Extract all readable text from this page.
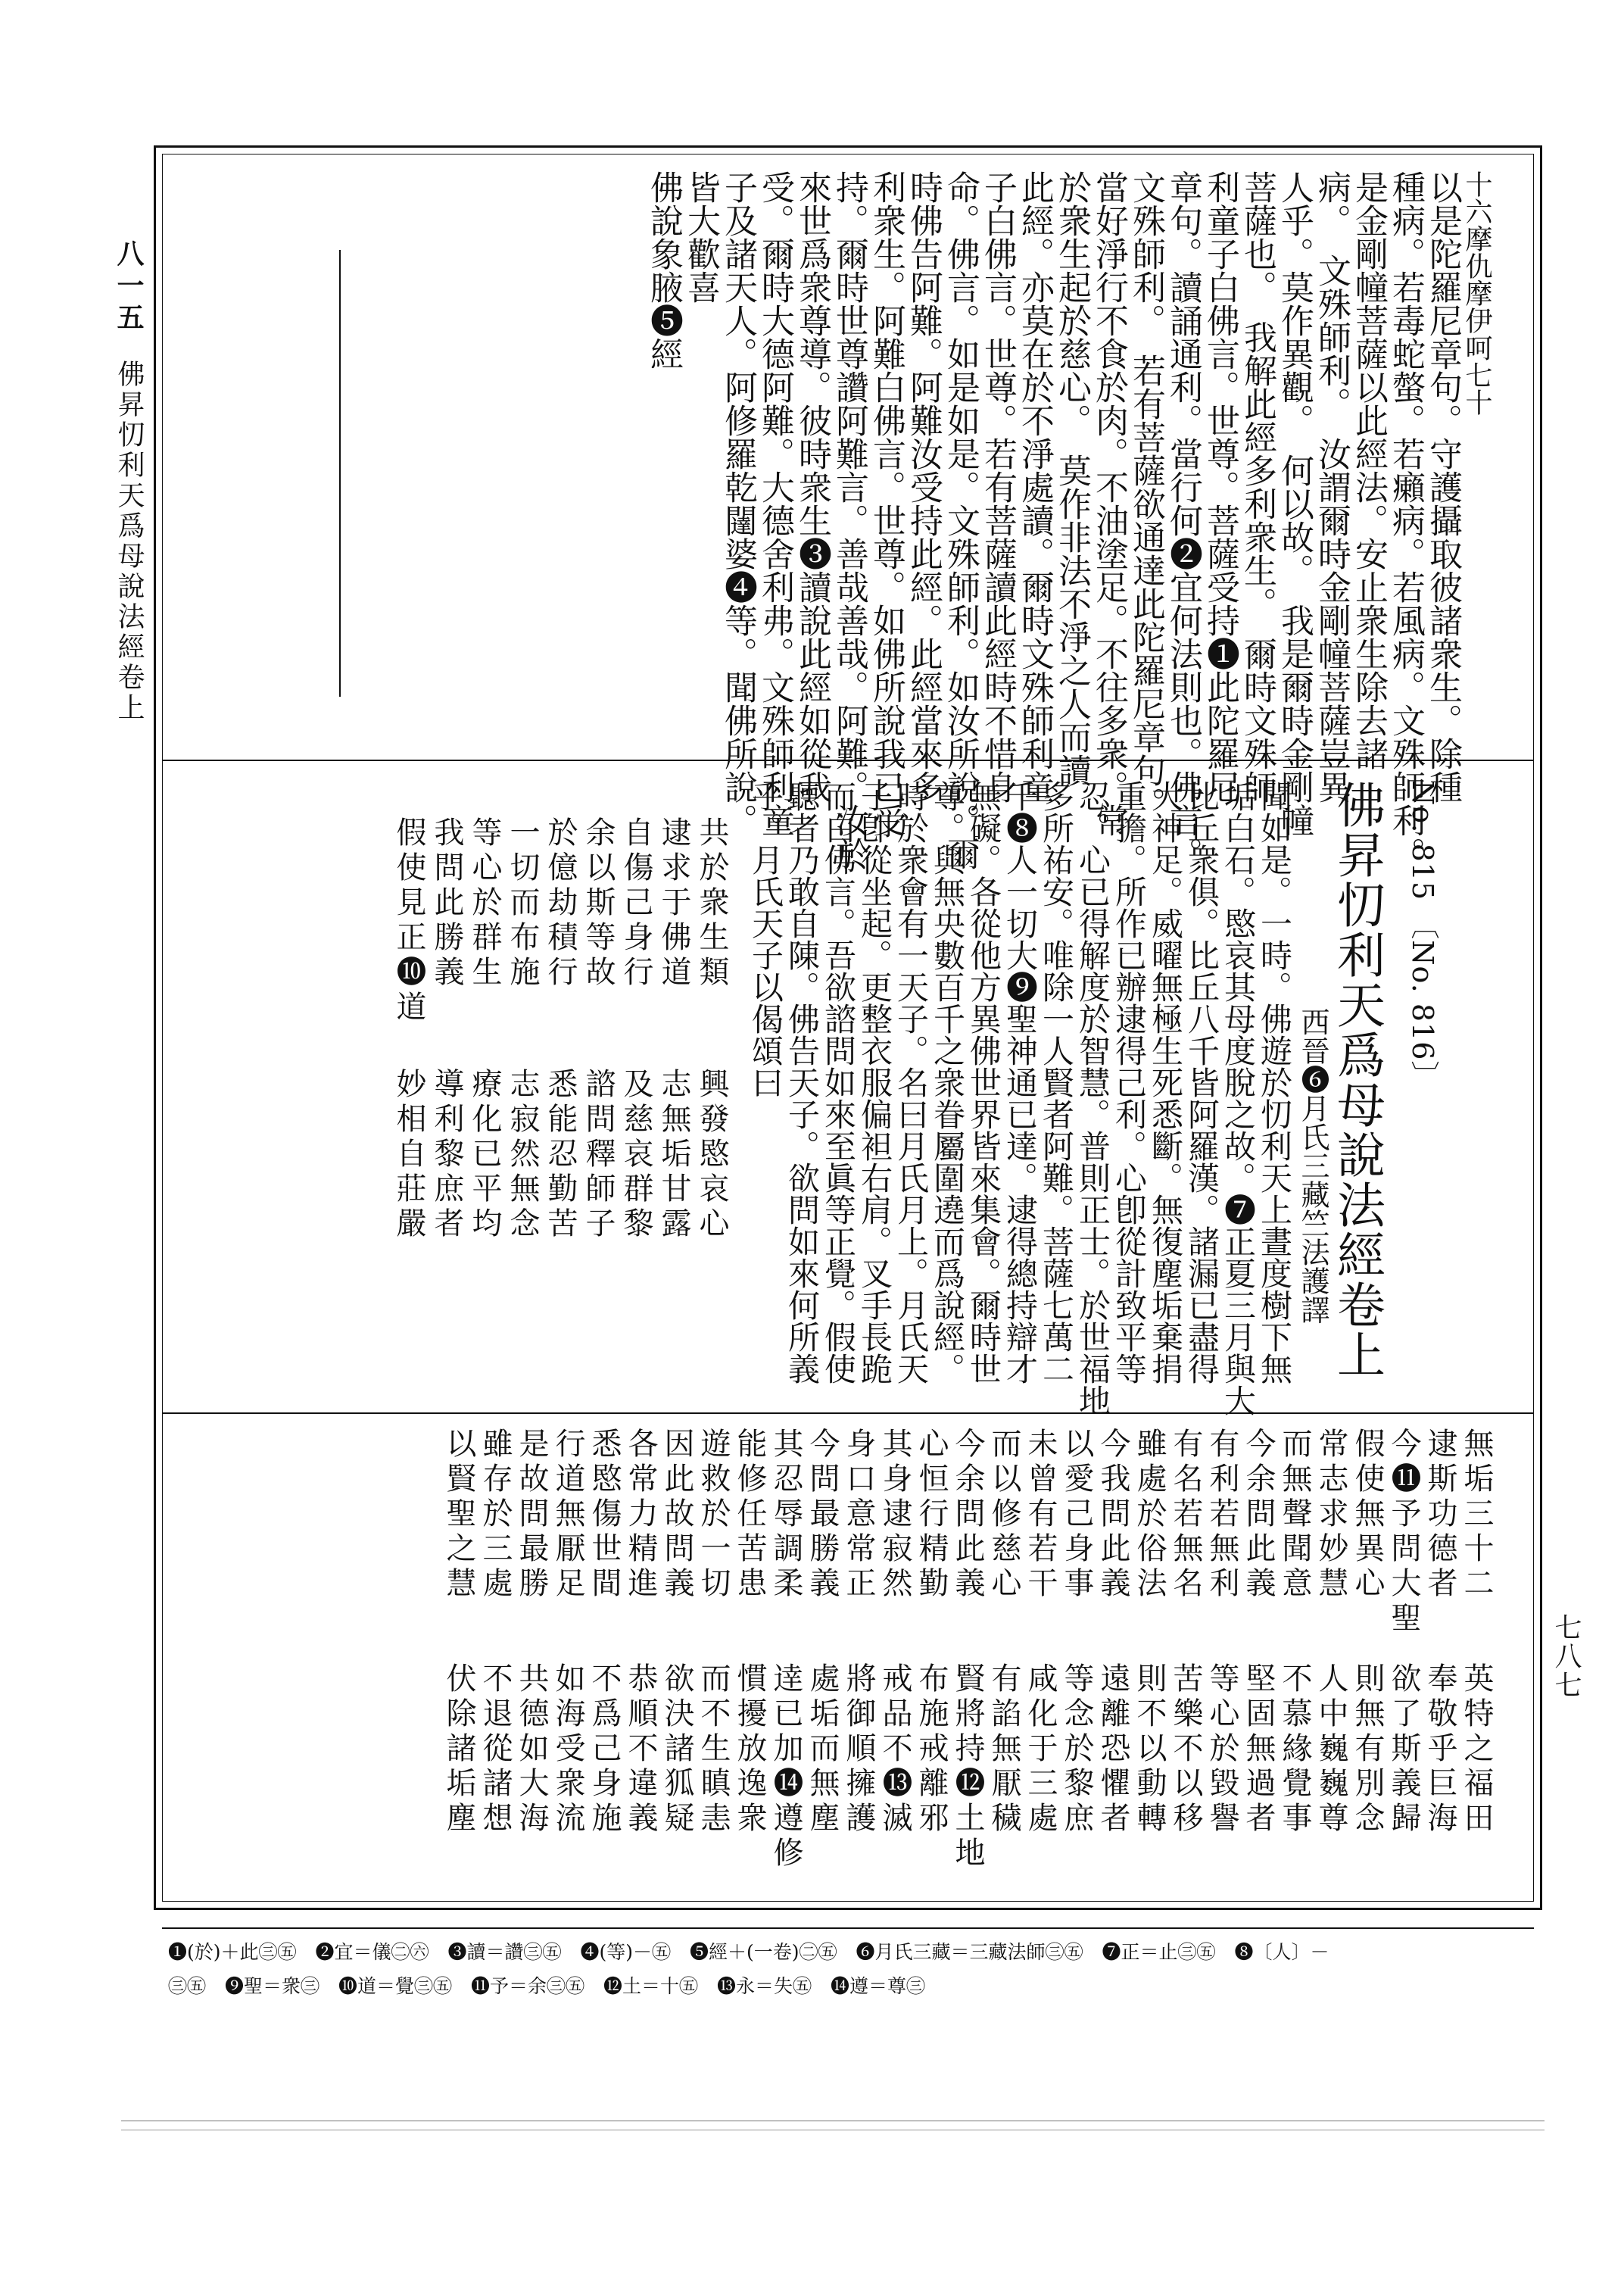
八一五
佛昇忉利天爲母說法經卷上
七八七
十六摩仇摩伊呵七十
以是陀羅尼章句。守護攝取彼諸衆生。除種
種病。若毒蛇螫。若癩病。若風病。文殊師利。
是金剛幢菩薩以此經法。安止衆生除去諸
病。　文殊師利。　汝謂爾時金剛幢菩薩豈異
人乎。莫作異觀。　何以故。　我是爾時金剛幢
菩薩也。　我解此經多利衆生。　爾時文殊師
利童子白佛言。世尊。菩薩受持❶此陀羅尼
章句。讀誦通利。當行何❷宜何法則也。佛言。
文殊師利。　若有菩薩欲通達此陀羅尼章句。
當好淨行不食於肉。不油塗足。不往多衆。常
於衆生起於慈心。　莫作非法不淨之人而讀
此經。亦莫在於不淨處讀。爾時文殊師利童
子白佛言。世尊。若有菩薩讀此經時不惜身
命。佛言。如是如是。文殊師利。如汝所說。爾
時佛告阿難。阿難汝受持此經。此經當來多
利衆生。阿難白佛言。世尊。如佛所說我已受
持。爾時世尊讚阿難言。善哉善哉。阿難。汝於
來世爲衆尊導。彼時衆生❸讀說此經如從我
受。爾時大德阿難。大德舍利弗。文殊師利童
子及諸天人。阿修羅乾闥婆❹等。聞佛所說。
皆大歡喜
佛說象腋❺經
No. 815 〔No. 816〕
佛昇忉利天爲母說法經卷上
西晉❻月氏三藏竺法護譯
聞如是。一時。佛遊於忉利天上晝度樹下無
垢白石。愍哀其母度脫之故。❼正夏三月與大
比丘衆俱。比丘八千皆阿羅漢。諸漏已盡得
大神足。威曜無極生死悉斷。無復塵垢棄捐
重擔。所作已辦逮得己利。心卽從計致平等
忍。心已得解度於智慧。普則正士。於世福地
多所祐安。唯除一人賢者阿難。菩薩七萬二
千❽人一切大❾聖神通已達。逮得總持辯才
無礙。各從他方異佛世界皆來集會。爾時世
尊。與無央數百千之衆眷屬圍遶而爲說經。
時於衆會有一天子。名曰月氏月上。月氏天
子卽從坐起。更整衣服偏袒右肩。叉手長跪
而白佛言。吾欲諮問如來至眞等正覺。假使
聽者乃敢自陳。佛告天子。欲問如來何所義
乎。月氏天子以偈頌曰
共於衆生類
興發愍哀心
逮求于佛道
志無垢甘露
自傷己身行
及慈哀群黎
余以斯等故
諮問釋師子
於億劫積行
悉能忍勤苦
一切而布施
志寂然無念
等心於群生
療化已平均
我問此勝義
導利黎庶者
假使見正❿道
妙相自莊嚴
無垢三十二
英特之福田
逮斯功德者
奉敬乎巨海
今⓫予問大聖
欲了斯義歸
假使無異心
則無有別念
常志求妙慧
人中巍巍尊
而無聲聞意
不慕緣覺事
今余問此義
堅固無過者
有利若無利
等心於毀譽
有名若無名
苦樂不以移
雖處於俗法
則不以動轉
今我問此義
遠離恐懼者
以愛己身事
等念於黎庶
未曾有若干
咸化于三處
而以修慈心
有諂無厭穢
今余問此義
賢將持⓬土地
心恒行精勤
布施戒離邪
其身逮寂然
戒品不⓭滅
身口意常正
將御順擁護
今問最勝義
處垢而無塵
其忍辱調柔
逹已加⓮遵修
能修任苦患
慣擾放逸衆
遊救於一切
而不生瞋恚
因此故問義
欲決諸狐疑
各常力精進
恭順不違義
悉愍傷世間
不爲己身施
行道無厭足
如海受衆流
是故問最勝
共德如大海
雖存於三處
不退從諸想
以賢聖之慧
伏除諸垢塵
❶(於)＋此㊂㊄　❷宜＝儀㊁㊅　❸讀＝讚㊂㊄　❹(等)－㊄　❺經＋(一卷)㊁㊄　❻月氏三藏＝三藏法師㊂㊄　❼正＝止㊂㊄　❽〔人〕－
㊂㊄　❾聖＝衆㊂　❿道＝覺㊂㊄　⓫予＝余㊂㊄　⓬土＝十㊄　⓭永＝失㊄　⓮遵＝尊㊂
